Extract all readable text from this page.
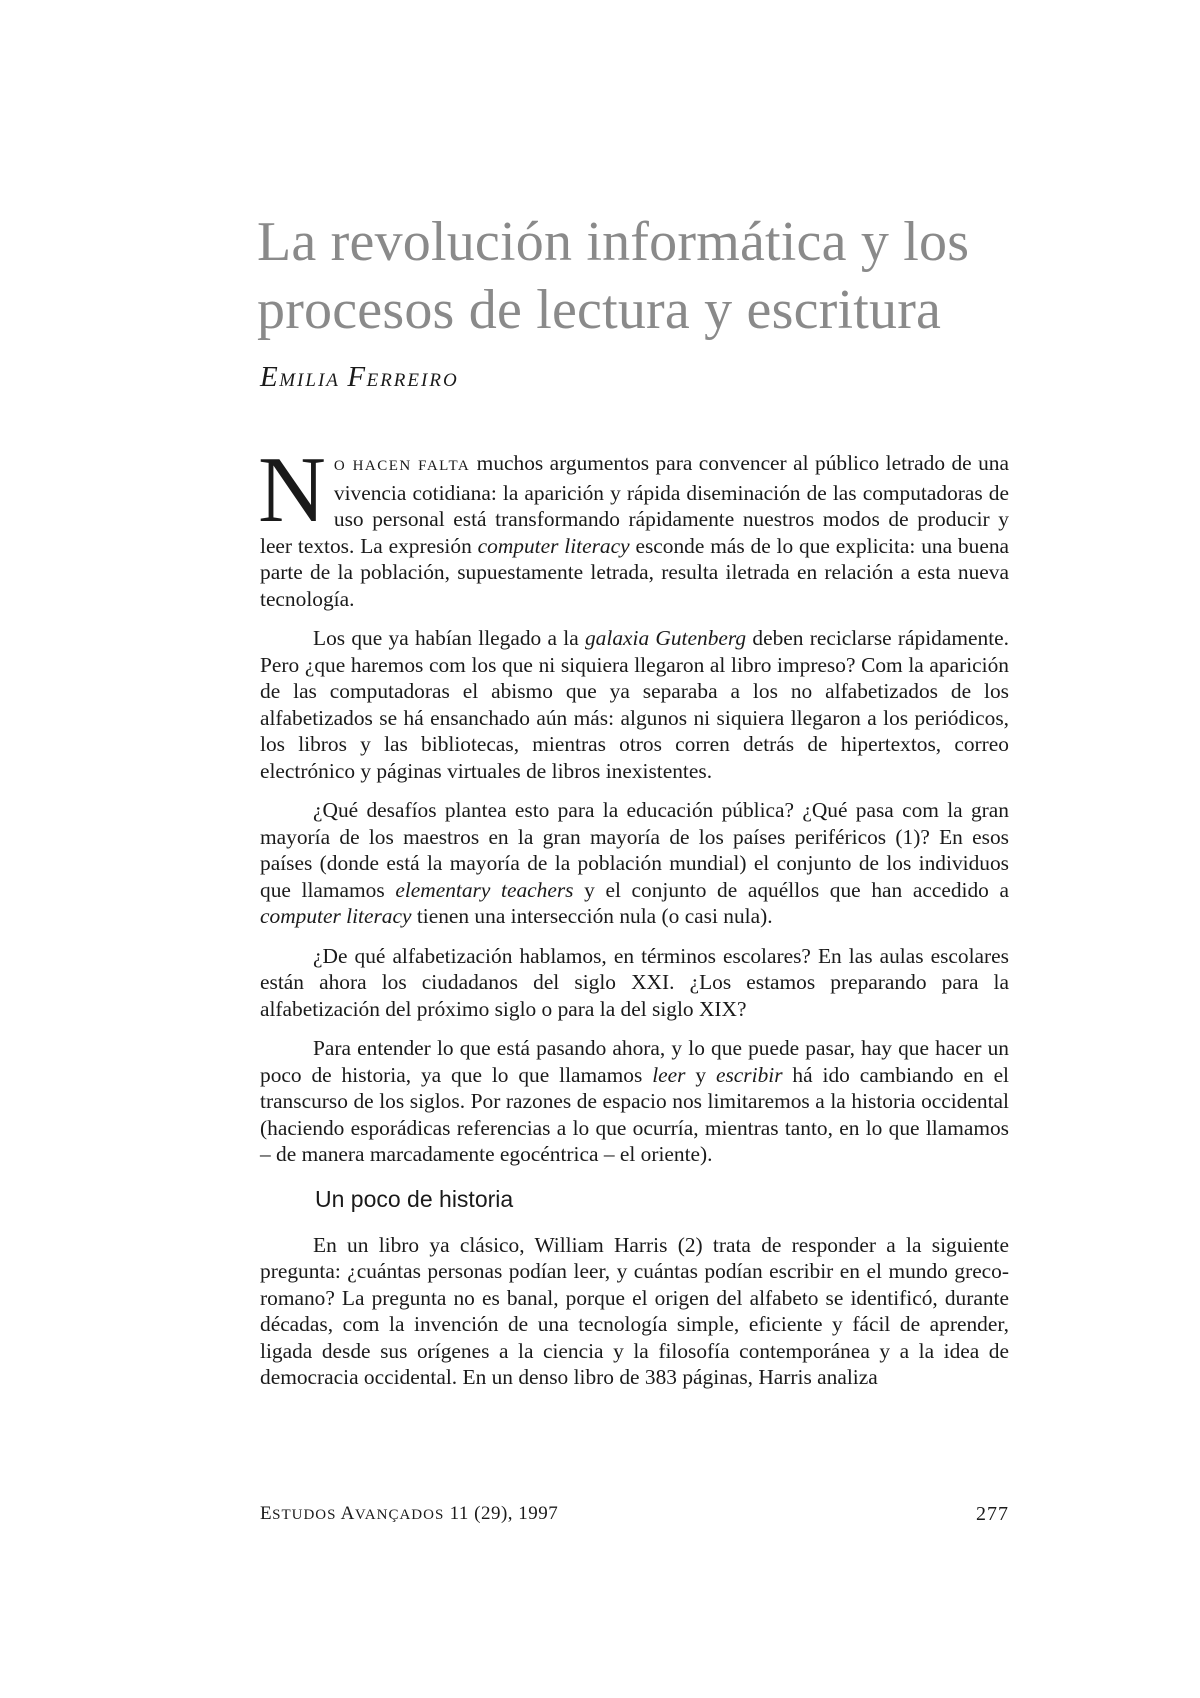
La revolución informática y los procesos de lectura y escritura
EMILIA FERREIRO

NO HACEN FALTA muchos argumentos para convencer al público letrado de una vivencia cotidiana: la aparición y rápida diseminación de las computadoras de uso personal está transformando rápidamente nuestros modos de producir y leer textos. La expresión computer literacy esconde más de lo que explicita: una buena parte de la población, supuestamente letrada, resulta iletrada en relación a esta nueva tecnología.

Los que ya habían llegado a la galaxia Gutenberg deben reciclarse rápidamente. Pero ¿que haremos com los que ni siquiera llegaron al libro impreso? Com la aparición de las computadoras el abismo que ya separaba a los no alfabetizados de los alfabetizados se há ensanchado aún más: algunos ni siquiera llegaron a los periódicos, los libros y las bibliotecas, mientras otros corren detrás de hipertextos, correo electrónico y páginas virtuales de libros inexistentes.

¿Qué desafíos plantea esto para la educación pública? ¿Qué pasa com la gran mayoría de los maestros en la gran mayoría de los países periféricos (1)? En esos países (donde está la mayoría de la población mundial) el conjunto de los individuos que llamamos elementary teachers y el conjunto de aquéllos que han accedido a computer literacy tienen una intersección nula (o casi nula).

¿De qué alfabetización hablamos, en términos escolares? En las aulas escolares están ahora los ciudadanos del siglo XXI. ¿Los estamos preparando para la alfabetización del próximo siglo o para la del siglo XIX?

Para entender lo que está pasando ahora, y lo que puede pasar, hay que hacer un poco de historia, ya que lo que llamamos leer y escribir há ido cambiando en el transcurso de los siglos. Por razones de espacio nos limitaremos a la historia occidental (haciendo esporádicas referencias a lo que ocurría, mientras tanto, en lo que llamamos – de manera marcadamente egocéntrica – el oriente).

Un poco de historia

En un libro ya clásico, William Harris (2) trata de responder a la siguiente pregunta: ¿cuántas personas podían leer, y cuántas podían escribir en el mundo greco-romano? La pregunta no es banal, porque el origen del alfabeto se identificó, durante décadas, com la invención de una tecnología simple, eficiente y fácil de aprender, ligada desde sus orígenes a la ciencia y la filosofía contemporánea y a la idea de democracia occidental. En un denso libro de 383 páginas, Harris analiza

ESTUDOS AVANÇADOS 11 (29), 1997	277
